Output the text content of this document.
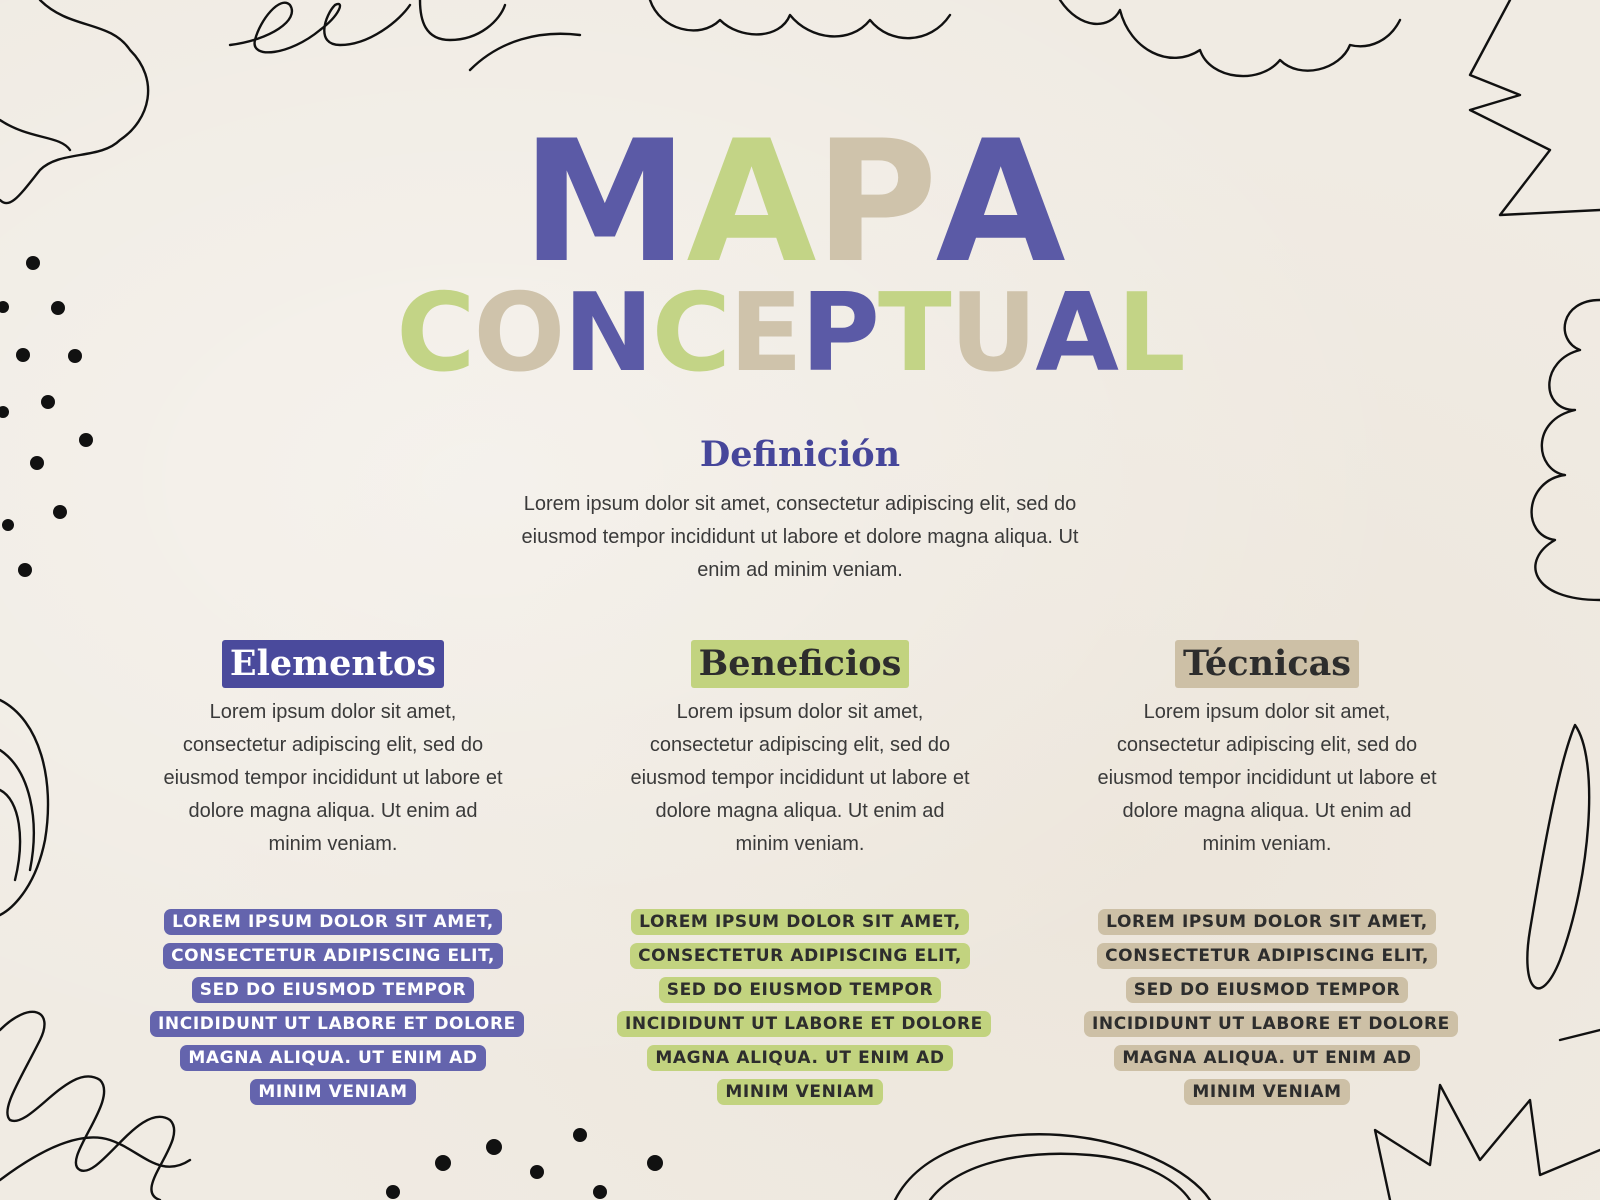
MAPA
CONCEPTUAL
Definición
Lorem ipsum dolor sit amet, consectetur adipiscing elit, sed do eiusmod tempor incididunt ut labore et dolore magna aliqua. Ut enim ad minim veniam.
Elementos
Lorem ipsum dolor sit amet, consectetur adipiscing elit, sed do eiusmod tempor incididunt ut labore et dolore magna aliqua. Ut enim ad minim veniam.
Beneficios
Lorem ipsum dolor sit amet, consectetur adipiscing elit, sed do eiusmod tempor incididunt ut labore et dolore magna aliqua. Ut enim ad minim veniam.
Técnicas
Lorem ipsum dolor sit amet, consectetur adipiscing elit, sed do eiusmod tempor incididunt ut labore et dolore magna aliqua. Ut enim ad minim veniam.
LOREM IPSUM DOLOR SIT AMET, CONSECTETUR ADIPISCING ELIT, SED DO EIUSMOD TEMPOR INCIDIDUNT UT LABORE ET DOLORE MAGNA ALIQUA. UT ENIM AD MINIM VENIAM
LOREM IPSUM DOLOR SIT AMET, CONSECTETUR ADIPISCING ELIT, SED DO EIUSMOD TEMPOR INCIDIDUNT UT LABORE ET DOLORE MAGNA ALIQUA. UT ENIM AD MINIM VENIAM
LOREM IPSUM DOLOR SIT AMET, CONSECTETUR ADIPISCING ELIT, SED DO EIUSMOD TEMPOR INCIDIDUNT UT LABORE ET DOLORE MAGNA ALIQUA. UT ENIM AD MINIM VENIAM
